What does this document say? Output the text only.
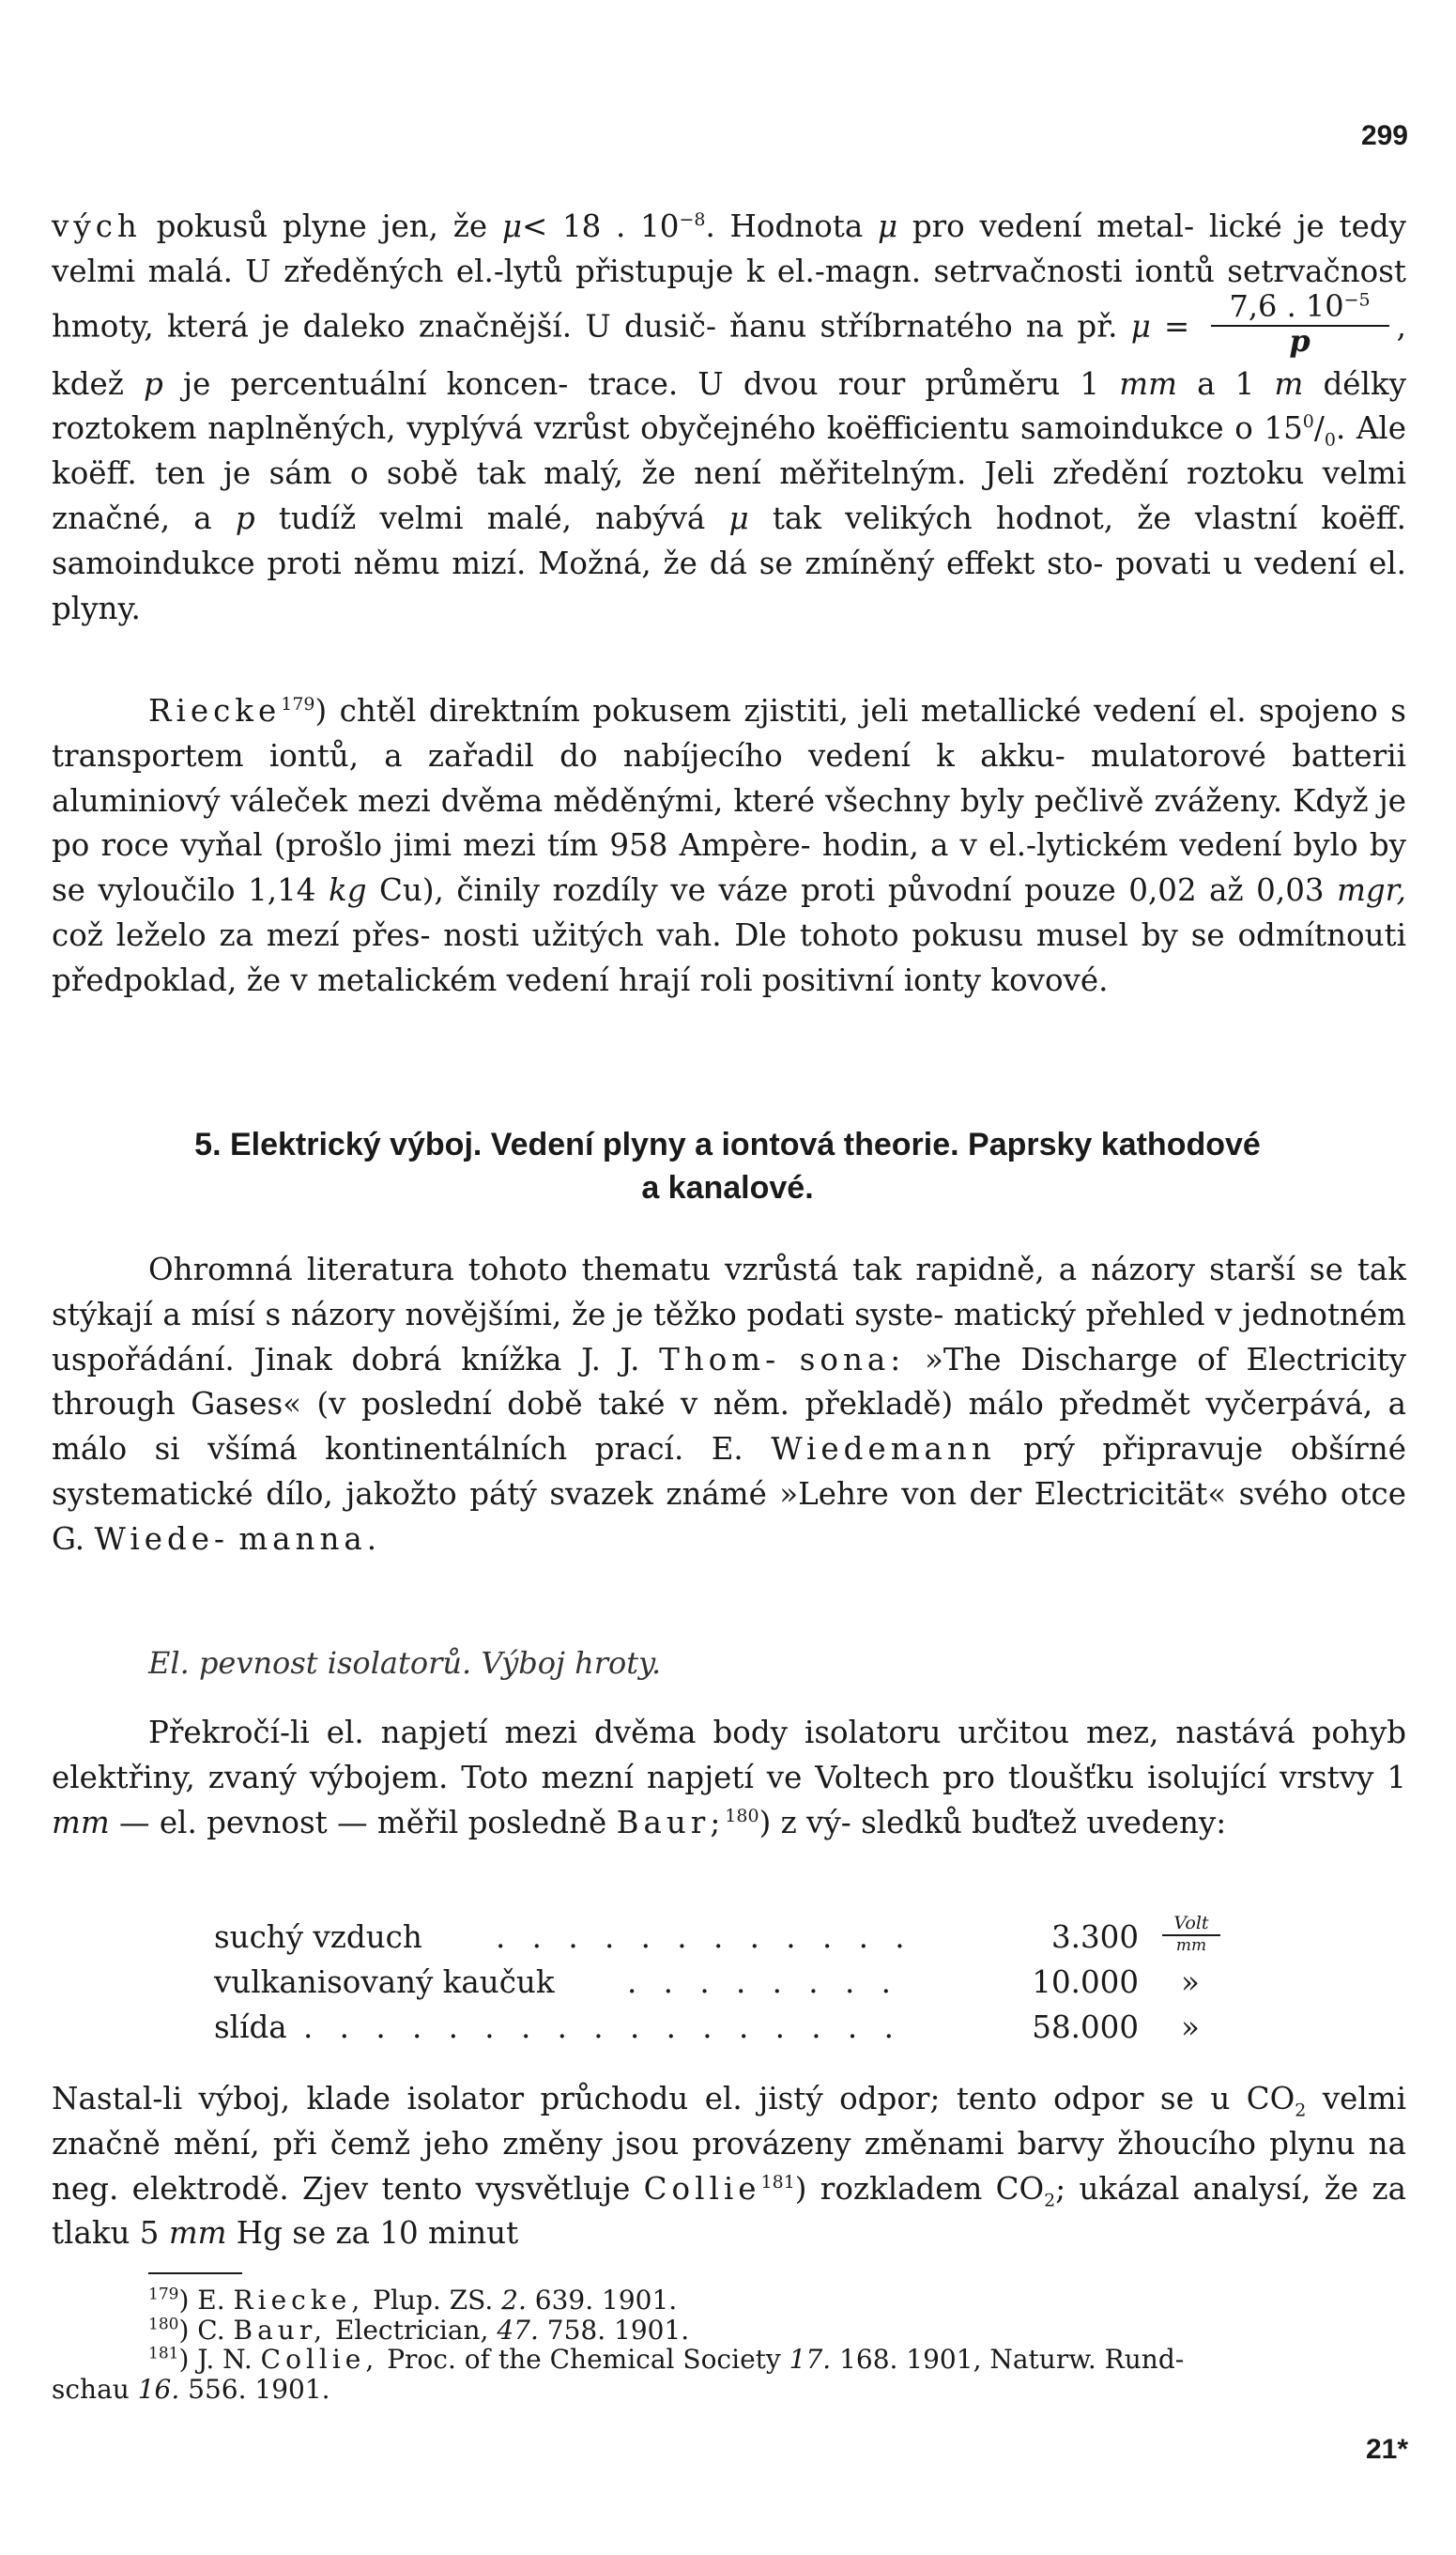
299

vých pokusů plyne jen, že μ< 18 . $10^{-8}$. Hodnota μ pro vedení metal- lické je tedy velmi malá. U zředěných el.-lytů přistupuje k el.-magn. setrvačnosti iontů setrvačnost hmoty, která je daleko značnější. U dusič- ňanu stříbrnatého na př. $\mu = \frac{7,6 . 10^{-5}}{p}$ , kdež p je percentuální koncen- trace. U dvou rour průměru 1 mm a 1 m délky roztokem naplněných, vyplývá vzrůst obyčejného koëfficientu samoindukce o $15^0/_0$. Ale koëff. ten je sám o sobě tak malý, že není měřitelným. Jeli zředění roztoku velmi značné, a p tudíž velmi malé, nabývá μ tak velikých hodnot, že vlastní koëff. samoindukce proti němu mizí. Možná, že dá se zmíněný effekt sto- povati u vedení el. plyny.

Riecke$^{179}$) chtěl direktním pokusem zjistiti, jeli metallické vedení el. spojeno s transportem iontů, a zařadil do nabíjecího vedení k akku- mulatorové batterii aluminiový váleček mezi dvěma měděnými, které všechny byly pečlivě zváženy. Když je po roce vyňal (prošlo jimi mezi tím 958 Ampère- hodin, a v el.-lytickém vedení bylo by se vyloučilo 1,14 kg Cu), činily rozdíly ve váze proti původní pouze 0,02 až 0,03 mgr, což leželo za mezí přes- nosti užitých vah. Dle tohoto pokusu musel by se odmítnouti předpoklad, že v metalickém vedení hrají roli positivní ionty kovové.

5. Elektrický výboj. Vedení plyny a iontová theorie. Paprsky kathodové
a kanalové.

Ohromná literatura tohoto thematu vzrůstá tak rapidně, a názory starší se tak stýkají a mísí s názory novějšími, že je těžko podati syste- matický přehled v jednotném uspořádání. Jinak dobrá knížka J. J. Thom- sona: »The Discharge of Electricity through Gases« (v poslední době také v něm. překladě) málo předmět vyčerpává, a málo si všímá kontinentálních prací. E. Wiedemann prý připravuje obšírné systematické dílo, jakožto pátý svazek známé »Lehre von der Electricität« svého otce G. Wiede- manna.

El. pevnost isolatorů. Výboj hroty.

Překročí-li el. napjetí mezi dvěma body isolatoru určitou mez, nastává pohyb elektřiny, zvaný výbojem. Toto mezní napjetí ve Voltech pro tloušťku isolující vrstvy 1 mm — el. pevnost — měřil posledně Baur;$^{180}$) z vý- sledků buďtež uvedeny:

suchý vzduch . . . . . . . . . . . .	3.300	Volt
mm
vulkanisovaný kaučuk . . . . . . . .	10.000 »
slída . . . . . . . . . . . . . . . . .	58.000 »

Nastal-li výboj, klade isolator průchodu el. jistý odpor; tento odpor se u $CO_2$ velmi značně mění, při čemž jeho změny jsou provázeny změnami barvy žhoucího plynu na neg. elektrodě. Zjev tento vysvětluje Collie$^{181}$) rozkladem $CO_2$; ukázal analysí, že za tlaku 5 mm Hg se za 10 minut

$^{179}$) E. Riecke, Plup. ZS. 2. 639. 1901.

$^{180}$) C. Baur, Electrician, 47. 758. 1901.

$^{181}$) J. N. Collie, Proc. of the Chemical Society 17. 168. 1901, Naturw. Rund-

schau 16. 556. 1901.

21*
